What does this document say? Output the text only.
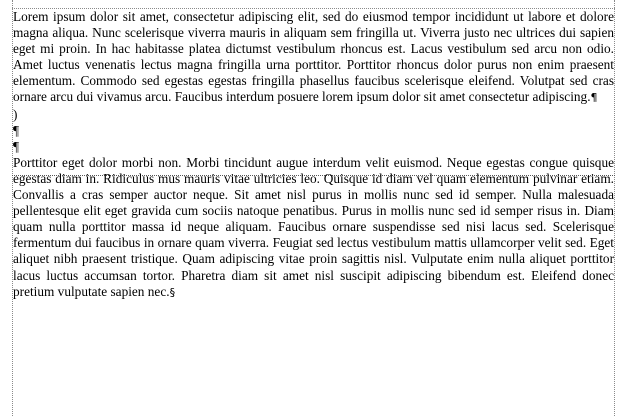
Lorem ipsum dolor sit amet, consectetur adipiscing elit, sed do eiusmod tempor incididunt ut labore et dolore magna aliqua. Nunc scelerisque viverra mauris in aliquam sem fringilla ut. Viverra justo nec ultrices dui sapien eget mi proin. In hac habitasse platea dictumst vestibulum rhoncus est. Lacus vestibulum sed arcu non odio. Amet luctus venenatis lectus magna fringilla urna porttitor. Porttitor rhoncus dolor purus non enim praesent elementum. Commodo sed egestas egestas fringilla phasellus faucibus scelerisque eleifend. Volutpat sed cras ornare arcu dui vivamus arcu. Faucibus interdum posuere lorem ipsum dolor sit amet consectetur adipiscing.¶

)

¶

¶

Porttitor eget dolor morbi non. Morbi tincidunt augue interdum velit euismod. Neque egestas congue quisque egestas diam in. Ridiculus mus mauris vitae ultricies leo. Quisque id diam vel quam elementum pulvinar etiam. Convallis a cras semper auctor neque. Sit amet nisl purus in mollis nunc sed id semper. Nulla malesuada pellentesque elit eget gravida cum sociis natoque penatibus. Purus in mollis nunc sed id semper risus in. Diam quam nulla porttitor massa id neque aliquam. Faucibus ornare suspendisse sed nisi lacus sed. Scelerisque fermentum dui faucibus in ornare quam viverra. Feugiat sed lectus vestibulum mattis ullamcorper velit sed. Eget aliquet nibh praesent tristique. Quam adipiscing vitae proin sagittis nisl. Vulputate enim nulla aliquet porttitor lacus luctus accumsan tortor. Pharetra diam sit amet nisl suscipit adipiscing bibendum est. Eleifend donec pretium vulputate sapien nec.§
